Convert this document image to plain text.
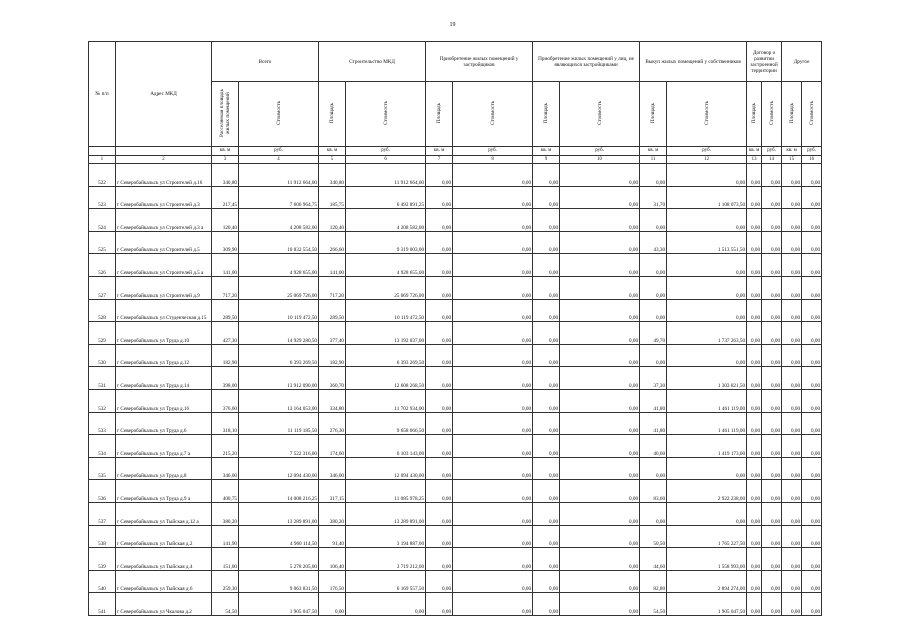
19
№ п/п	Адрес МКД	Всего		Строительство МКД		Приобретение жилых помещений у застройщиков		Приобретение жилых помещений у лиц, не являющихся застройщиками		Выкуп жилых помещений у собственников		Договор о развитии застроенной территории		Другое	
		Расселяемая площадь жилых помещений	Стоимость	Площадь	Стоимость	Площадь	Стоимость	Площадь	Стоимость	Площадь	Стоимость	Площадь	Стоимость	Площадь	Стоимость
		кв. м	руб.	кв. м	руб.	кв. м	руб.	кв. м	руб.	кв. м	руб.	кв. м	руб.	кв. м	руб.
1	2	3	4	5	6	7	8	9	10	11	12	13	14	15	16
522	г Северобайкальск ул Строителей д.16	340,80	11 912 664,00	340,80	11 912 664,00	0,00	0,00	0,00	0,00	0,00	0,00	0,00	0,00	0,00	0,00
523	г Северобайкальск ул Строителей д.3	217,45	7 600 964,75	185,75	6 492 891,25	0,00	0,00	0,00	0,00	31,70	1 108 073,50	0,00	0,00	0,00	0,00
524	г Северобайкальск ул Строителей д.3 а	120,40	4 208 582,00	120,40	4 208 582,00	0,00	0,00	0,00	0,00	0,00	0,00	0,00	0,00	0,00	0,00
525	г Северобайкальск ул Строителей д.5	309,90	10 832 554,50	266,60	9 319 003,00	0,00	0,00	0,00	0,00	43,30	1 513 551,50	0,00	0,00	0,00	0,00
526	г Северобайкальск ул Строителей д.5 а	141,00	4 928 655,00	141,00	4 928 655,00	0,00	0,00	0,00	0,00	0,00	0,00	0,00	0,00	0,00	0,00
527	г Северобайкальск ул Строителей д.9	717,20	25 069 726,00	717,20	25 069 726,00	0,00	0,00	0,00	0,00	0,00	0,00	0,00	0,00	0,00	0,00
528	г Северобайкальск ул Студенческая д.15	289,50	10 119 472,50	289,50	10 119 472,50	0,00	0,00	0,00	0,00	0,00	0,00	0,00	0,00	0,00	0,00
529	г Северобайкальск ул Труда д.10	427,30	14 929 280,50	377,40	13 192 037,00	0,00	0,00	0,00	0,00	49,70	1 737 263,50	0,00	0,00	0,00	0,00
530	г Северобайкальск ул Труда д.12	182,90	6 393 269,50	182,90	6 393 269,50	0,00	0,00	0,00	0,00	0,00	0,00	0,00	0,00	0,00	0,00
531	г Северобайкальск ул Труда д.14	398,00	13 912 090,00	360,70	12 608 268,50	0,00	0,00	0,00	0,00	37,30	1 303 821,50	0,00	0,00	0,00	0,00
532	г Северобайкальск ул Труда д.16	376,60	13 164 053,00	334,80	11 702 934,00	0,00	0,00	0,00	0,00	41,80	1 461 119,00	0,00	0,00	0,00	0,00
533	г Северобайкальск ул Труда д.6	318,10	11 119 185,50	276,30	9 658 066,50	0,00	0,00	0,00	0,00	41,80	1 461 119,00	0,00	0,00	0,00	0,00
534	г Северобайкальск ул Труда д.7 а	215,20	7 522 316,00	174,60	6 103 143,00	0,00	0,00	0,00	0,00	40,60	1 419 173,00	0,00	0,00	0,00	0,00
535	г Северобайкальск ул Труда д.8	346,00	12 094 430,00	346,00	12 094 430,00	0,00	0,00	0,00	0,00	0,00	0,00	0,00	0,00	0,00	0,00
536	г Северобайкальск ул Труда д.9 а	400,75	14 008 216,25	317,15	11 085 978,25	0,00	0,00	0,00	0,00	83,60	2 922 238,00	0,00	0,00	0,00	0,00
537	г Северобайкальск ул Тыйская д.12 а	380,20	13 289 891,00	380,20	13 289 891,00	0,00	0,00	0,00	0,00	0,00	0,00	0,00	0,00	0,00	0,00
538	г Северобайкальск ул Тыйская д.2	141,90	4 960 114,50	91,40	3 194 887,00	0,00	0,00	0,00	0,00	50,50	1 765 227,50	0,00	0,00	0,00	0,00
539	г Северобайкальск ул Тыйская д.4	151,00	5 278 205,00	106,40	3 719 212,00	0,00	0,00	0,00	0,00	44,60	1 558 993,00	0,00	0,00	0,00	0,00
540	г Северобайкальск ул Тыйская д.6	259,30	9 063 831,50	176,50	6 169 557,50	0,00	0,00	0,00	0,00	82,80	2 894 274,00	0,00	0,00	0,00	0,00
541	г Северобайкальск ул Чкалова д.2	54,50	1 905 047,50	0,00	0,00	0,00	0,00	0,00	0,00	54,50	1 905 047,50	0,00	0,00	0,00	0,00
